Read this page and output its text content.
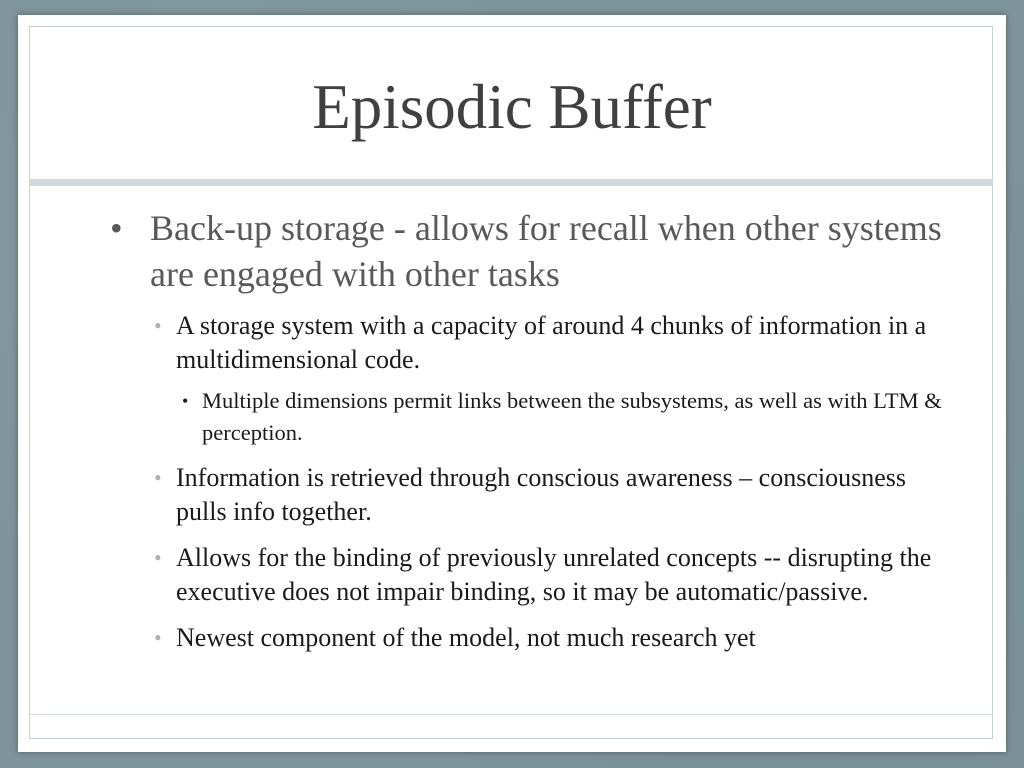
Episodic Buffer
• Back-up storage - allows for recall when other systems are engaged with other tasks
• A storage system with a capacity of around 4 chunks of information in a multidimensional code.
• Multiple dimensions permit links between the subsystems, as well as with LTM & perception.
• Information is retrieved through conscious awareness – consciousness pulls info together.
• Allows for the binding of previously unrelated concepts -- disrupting the executive does not impair binding, so it may be automatic/passive.
• Newest component of the model, not much research yet
